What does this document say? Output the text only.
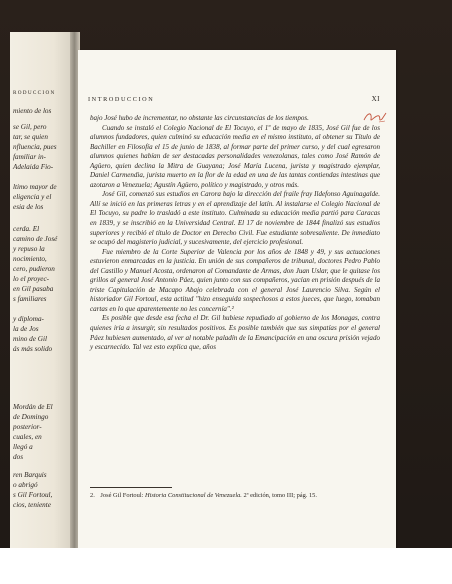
RODUCCION
miento de los
se Gil, pero
tar, se quien
nfluencia, pues
familiar in-
Adelaida Fio-
ltimo mayor de
eligencia y el
esia de los
cerda. El
camino de José
y repuso la
nocimiento,
cero, pudieron
lo el proyec-
en Gil pasaba
s familiares
y diploma-
la de Jos
mino de Gil
ás más solido
Mordán de El
de Domingo
posterior-
cuales, en
llegó a
dos
ren Barquis
o abrigó
s Gil Fortoul,
cios, teniente
INTRODUCCION	XI

bajo José hubo de incrementar, no obstante las circunstancias de los tiempos.

Cuando se instaló el Colegio Nacional de El Tocuyo, el 1º de mayo de 1835, José Gil fue de los alumnos fundadores, quien culminó su educación media en el mismo instituto, al obtener su Título de Bachiller en Filosofía el 15 de junio de 1838, al formar parte del primer curso, y del cual egresaron alumnos quienes habían de ser destacadas personalidades venezolanas, tales como José Ramón de Agüero, quien declina la Mitra de Guayana; José María Lucena, jurista y magistrado ejemplar, Daniel Carmendia, jurista muerto en la flor de la edad en una de las tantas contiendas intestinas que azotaron a Venezuela; Agustín Agüero, político y magistrado, y otros más.

José Gil, comenzó sus estudios en Carora bajo la dirección del fraile fray Ildefonso Aguinagalde. Allí se inició en las primeras letras y en el aprendizaje del latín. Al instalarse el Colegio Nacional de El Tocuyo, su padre lo trasladó a este instituto. Culminada su educación media partió para Caracas en 1839, y se inscribió en la Universidad Central. El 17 de noviembre de 1844 finalizó sus estudios superiores y recibió el título de Doctor en Derecho Civil. Fue estudiante sobresaliente. De inmediato se ocupó del magisterio judicial, y sucesivamente, del ejercicio profesional.

Fue miembro de la Corte Superior de Valencia por los años de 1848 y 49, y sus actuaciones estuvieron enmarcadas en la justicia. En unión de sus compañeros de tribunal, doctores Pedro Pablo del Castillo y Manuel Acosta, ordenaron al Comandante de Armas, don Juan Uslar, que le quitase los grillos al general José Antonio Páez, quien junto con sus compañeros, yacían en prisión después de la triste Capitulación de Macapo Abajo celebrada con el general José Laurencio Silva. Según el historiador Gil Fortoul, esta actitud "hizo enseguida sospechosos a estos jueces, que luego, tomaban cartas en lo que aparentemente no les concernía".²

Es posible que desde esa fecha el Dr. Gil hubiese repudiado al gobierno de los Monagas, contra quienes iría a insurgir, sin resultados positivos. Es posible también que sus simpatías por el general Páez hubiesen aumentado, al ver al notable paladín de la Emancipación en una oscura prisión vejado y escarnecido. Tal vez esto explica que, años

2. José Gil Fortoul: Historia Constitucional de Venezuela. 2ª edición, tomo III; pág. 15.
